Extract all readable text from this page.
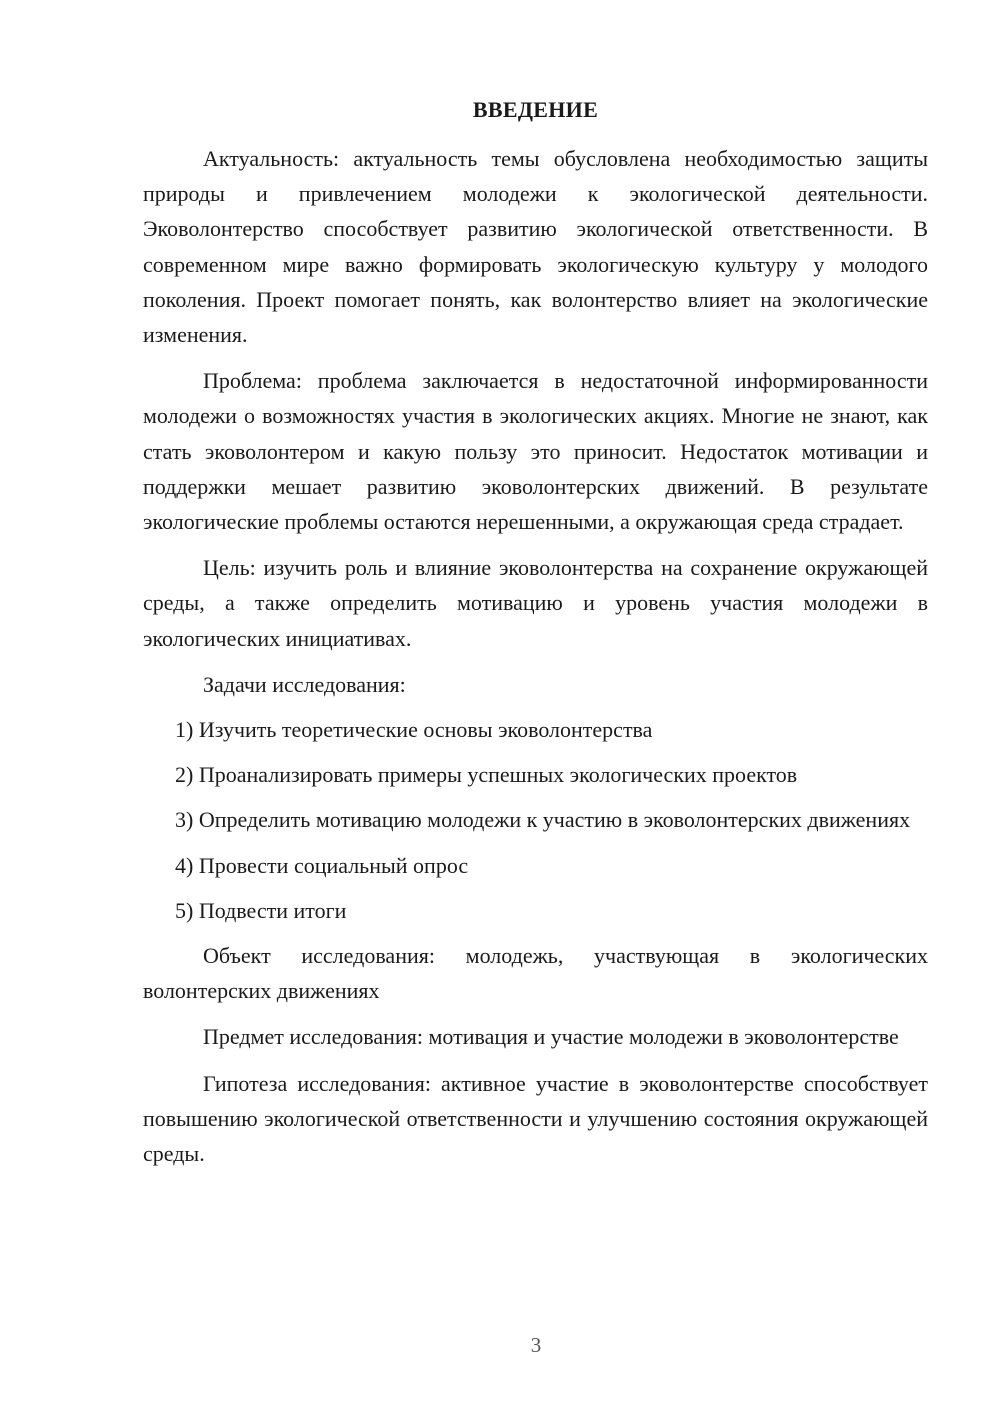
ВВЕДЕНИЕ

Актуальность: актуальность темы обусловлена необходимостью защиты природы и привлечением молодежи к экологической деятельности. Эковолонтерство способствует развитию экологической ответственности. В современном мире важно формировать экологическую культуру у молодого поколения. Проект помогает понять, как волонтерство влияет на экологические изменения.

Проблема: проблема заключается в недостаточной информированности молодежи о возможностях участия в экологических акциях. Многие не знают, как стать эковолонтером и какую пользу это приносит. Недостаток мотивации и поддержки мешает развитию эковолонтерских движений. В результате экологические проблемы остаются нерешенными, а окружающая среда страдает.

Цель: изучить роль и влияние эковолонтерства на сохранение окружающей среды, а также определить мотивацию и уровень участия молодежи в экологических инициативах.

Задачи исследования:

1) Изучить теоретические основы эковолонтерства

2) Проанализировать примеры успешных экологических проектов

3) Определить мотивацию молодежи к участию в эковолонтерских движениях

4) Провести социальный опрос

5) Подвести итоги

Объект исследования: молодежь, участвующая в экологических волонтерских движениях

Предмет исследования: мотивация и участие молодежи в эковолонтерстве

Гипотеза исследования: активное участие в эковолонтерстве способствует повышению экологической ответственности и улучшению состояния окружающей среды.

3
